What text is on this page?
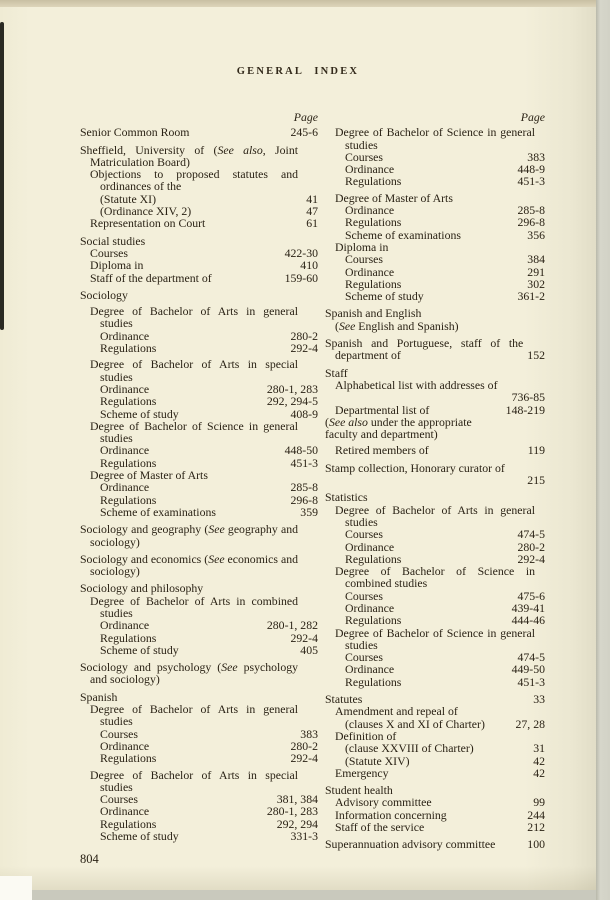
GENERAL INDEX
Page
Senior Common Room	245-6
Sheffield, University of (See also, Joint Matriculation Board)
Objections to proposed statutes and ordinances of the
(Statute XI)	41
(Ordinance XIV, 2)	47
Representation on Court	61
Social studies
Courses	422-30
Diploma in	410
Staff of the department of	159-60
Sociology
Degree of Bachelor of Arts in general studies
Ordinance	280-2
Regulations	292-4
Degree of Bachelor of Arts in special studies
Ordinance	280-1, 283
Regulations	292, 294-5
Scheme of study	408-9
Degree of Bachelor of Science in general studies
Ordinance	448-50
Regulations	451-3
Degree of Master of Arts
Ordinance	285-8
Regulations	296-8
Scheme of examinations	359
Sociology and geography (See geography and sociology)
Sociology and economics (See economics and sociology)
Sociology and philosophy
Degree of Bachelor of Arts in combined studies
Ordinance	280-1, 282
Regulations	292-4
Scheme of study	405
Sociology and psychology (See psychology and sociology)
Spanish
Degree of Bachelor of Arts in general studies
Courses	383
Ordinance	280-2
Regulations	292-4
Degree of Bachelor of Arts in special studies
Courses	381, 384
Ordinance	280-1, 283
Regulations	292, 294
Scheme of study	331-3
Page
Degree of Bachelor of Science in general studies
Courses	383
Ordinance	448-9
Regulations	451-3
Degree of Master of Arts
Ordinance	285-8
Regulations	296-8
Scheme of examinations	356
Diploma in
Courses	384
Ordinance	291
Regulations	302
Scheme of study	361-2
Spanish and English
(See English and Spanish)
Spanish and Portuguese, staff of the department of	152
Staff
Alphabetical list with addresses of
736-85
Departmental list of	148-219
(See also under the appropriate
faculty and department)
Retired members of	119
Stamp collection, Honorary curator of
215
Statistics
Degree of Bachelor of Arts in general studies
Courses	474-5
Ordinance	280-2
Regulations	292-4
Degree of Bachelor of Science in combined studies
Courses	475-6
Ordinance	439-41
Regulations	444-46
Degree of Bachelor of Science in general studies
Courses	474-5
Ordinance	449-50
Regulations	451-3
Statutes	33
Amendment and repeal of
(clauses X and XI of Charter)	27, 28
Definition of
(clause XXVIII of Charter)	31
(Statute XIV)	42
Emergency	42
Student health
Advisory committee	99
Information concerning	244
Staff of the service	212
Superannuation advisory committee	100
804
